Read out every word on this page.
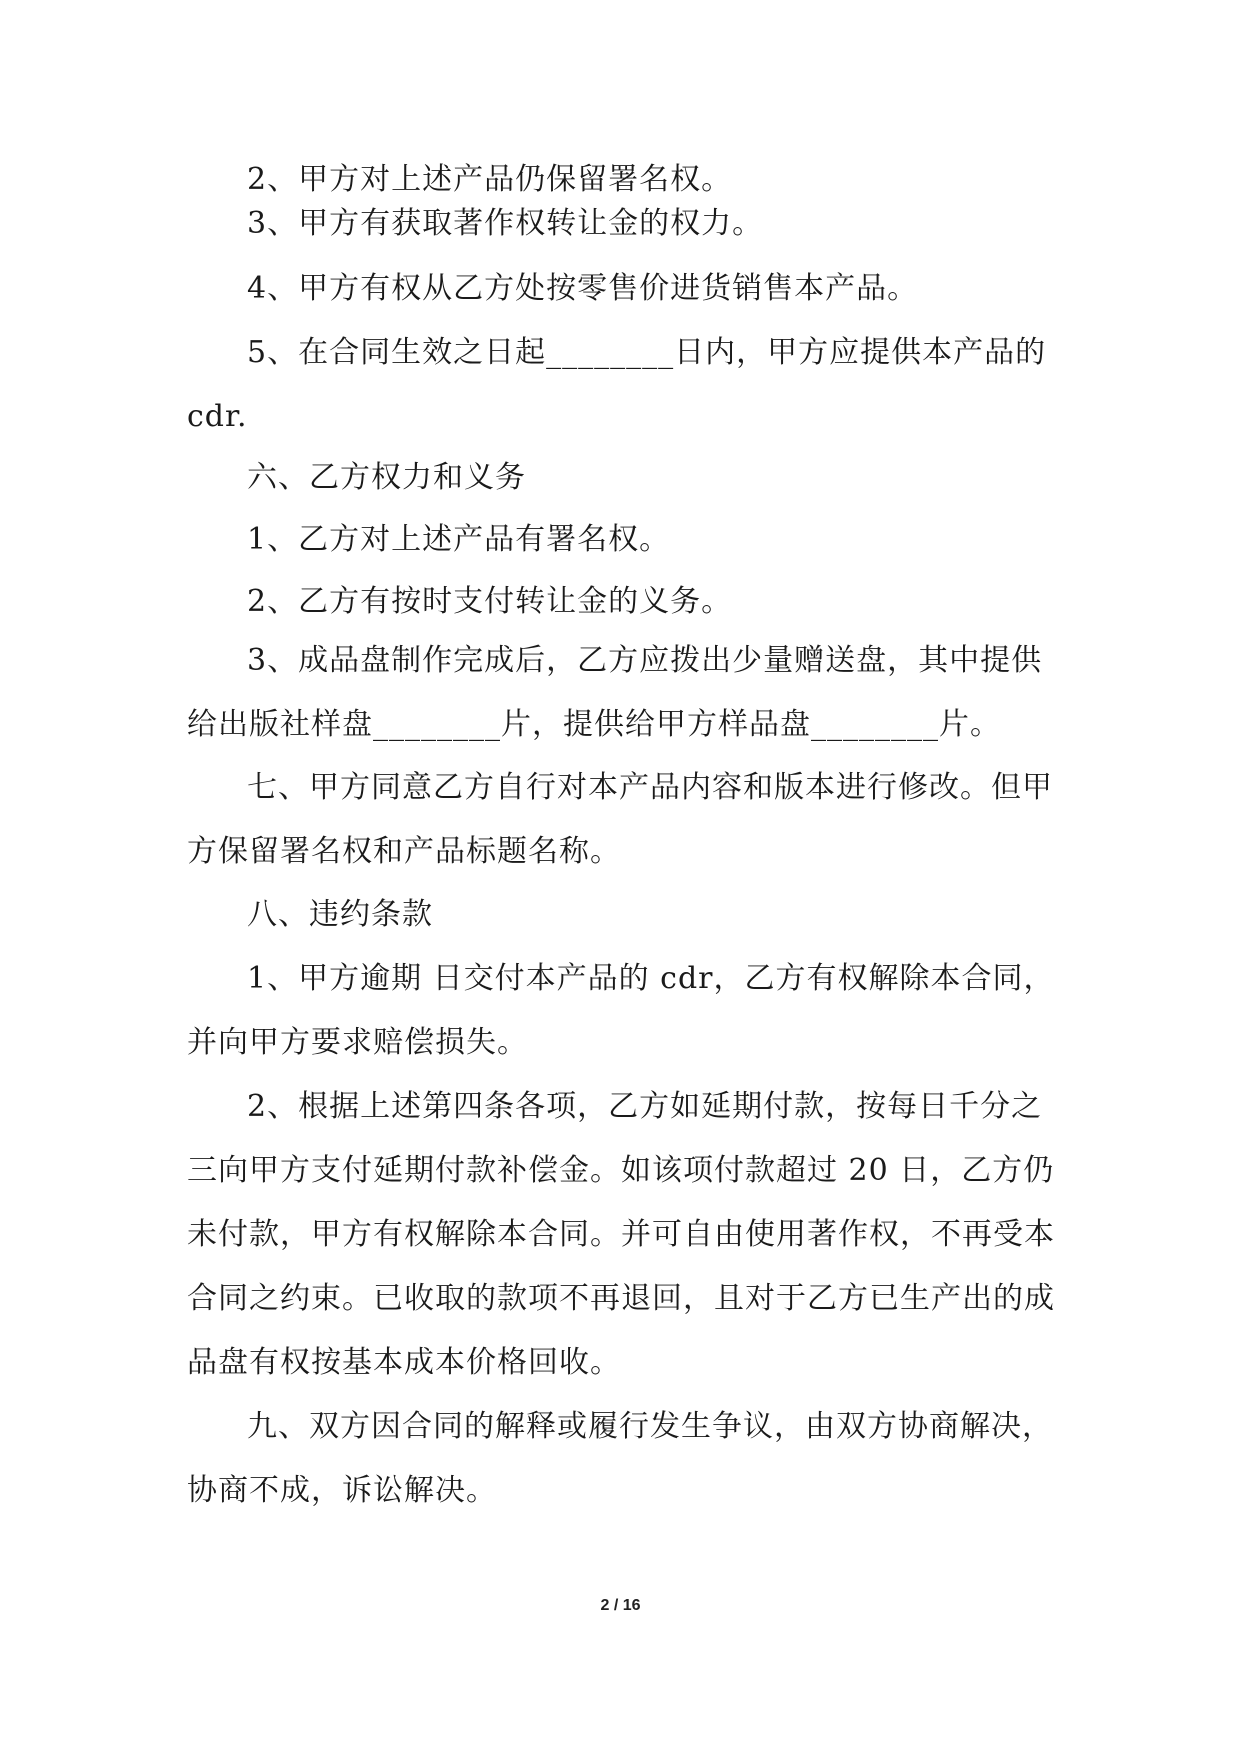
2、甲方对上述产品仍保留署名权。
3、甲方有获取著作权转让金的权力。
4、甲方有权从乙方处按零售价进货销售本产品。
5、在合同生效之日起________日内，甲方应提供本产品的
cdr.
六、乙方权力和义务
1、乙方对上述产品有署名权。
2、乙方有按时支付转让金的义务。
3、成品盘制作完成后，乙方应拨出少量赠送盘，其中提供
给出版社样盘________片，提供给甲方样品盘________片。
七、甲方同意乙方自行对本产品内容和版本进行修改。但甲
方保留署名权和产品标题名称。
八、违约条款
1、甲方逾期 日交付本产品的 cdr，乙方有权解除本合同，
并向甲方要求赔偿损失。
2、根据上述第四条各项，乙方如延期付款，按每日千分之
三向甲方支付延期付款补偿金。如该项付款超过 20 日，乙方仍
未付款，甲方有权解除本合同。并可自由使用著作权，不再受本
合同之约束。已收取的款项不再退回，且对于乙方已生产出的成
品盘有权按基本成本价格回收。
九、双方因合同的解释或履行发生争议，由双方协商解决，
协商不成，诉讼解决。
2 / 16
